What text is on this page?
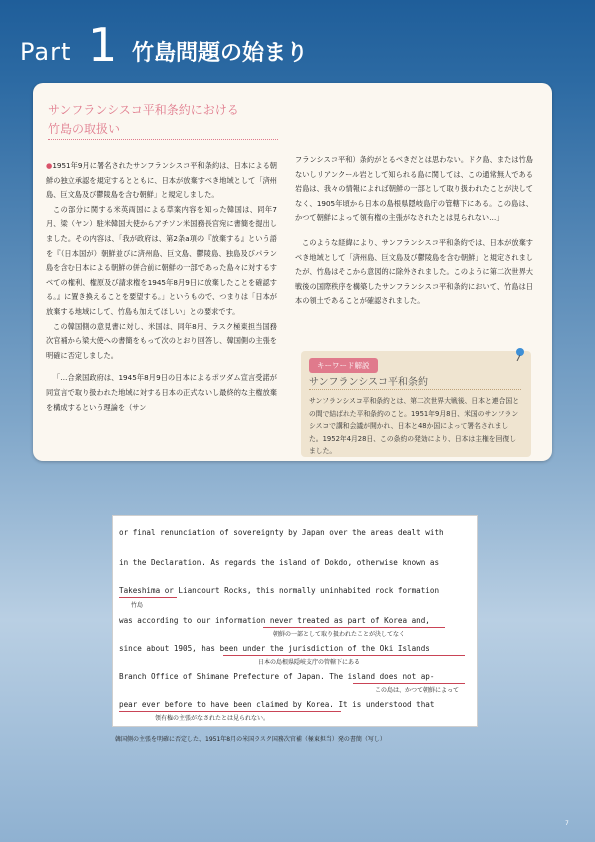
Part 1 竹島問題の始まり
サンフランシスコ平和条約における
竹島の取扱い

●1951年9月に署名されたサンフランシスコ平和条約は、日本による朝鮮の独立承認を規定するとともに、日本が放棄すべき地域として「済州島、巨文島及び鬱陵島を含む朝鮮」と規定しました。

この部分に関する米英両国による草案内容を知った韓国は、同年7月、梁（ヤン）駐米韓国大使からアチソン米国務長官宛に書簡を提出しました。その内容は、「我が政府は、第2条a項の『放棄する』という語を『（日本国が）朝鮮並びに済州島、巨文島、鬱陵島、独島及びパラン島を含む日本による朝鮮の併合前に朝鮮の一部であった島々に対するすべての権利、権原及び請求権を1945年8月9日に放棄したことを確認する。』に置き換えることを要望する。」というもので、つまりは「日本が放棄する地域にして、竹島も加えてほしい」との要求です。

この韓国側の意見書に対し、米国は、同年8月、ラスク極東担当国務次官補から梁大使への書簡をもって次のとおり回答し、韓国側の主張を明確に否定しました。

「…合衆国政府は、1945年8月9日の日本によるポツダム宣言受諾が同宣言で取り扱われた地域に対する日本の正式ないし最終的な主権放棄を構成するという理論を（サン

フランシスコ平和）条約がとるべきだとは思わない。ドク島、または竹島ないしリアンクール岩として知られる島に関しては、この通常無人である岩島は、我々の情報によれば朝鮮の一部として取り扱われたことが決してなく、1905年頃から日本の島根県隠岐島庁の管轄下にある。この島は、かつて朝鮮によって領有権の主張がなされたとは見られない…」

このような経緯により、サンフランシスコ平和条約では、日本が放棄すべき地域として「済州島、巨文島及び鬱陵島を含む朝鮮」と規定されましたが、竹島はそこから意図的に除外されました。このように第二次世界大戦後の国際秩序を構築したサンフランシスコ平和条約において、竹島は日本の領土であることが確認されました。

キーワード解説
サンフランシスコ平和条約
サンフランシスコ平和条約とは、第二次世界大戦後、日本と連合国との間で結ばれた平和条約のこと。1951年9月8日、米国のサンフランシスコで講和会議が開かれ、日本と48か国によって署名されました。1952年4月28日、この条約の発効により、日本は主権を回復しました。
or final renunciation of sovereignty by Japan over the areas dealt with
in the Declaration. As regards the island of Dokdo, otherwise known as
Takeshima or Liancourt Rocks, this normally uninhabited rock formation
竹島
was according to our information never treated as part of Korea and,
朝鮮の一部として取り扱われたことが決してなく
since about 1905, has been under the jurisdiction of the Oki Islands
日本の島根県隠岐支庁の管轄下にある
Branch Office of Shimane Prefecture of Japan. The island does not ap-
この島は、かつて朝鮮によって
pear ever before to have been claimed by Korea. It is understood that
領有権の主張がなされたとは見られない。
韓国側の主張を明確に否定した、1951年8月の米国ラスク国務次官補（極東担当）発の書簡（写し）
7
